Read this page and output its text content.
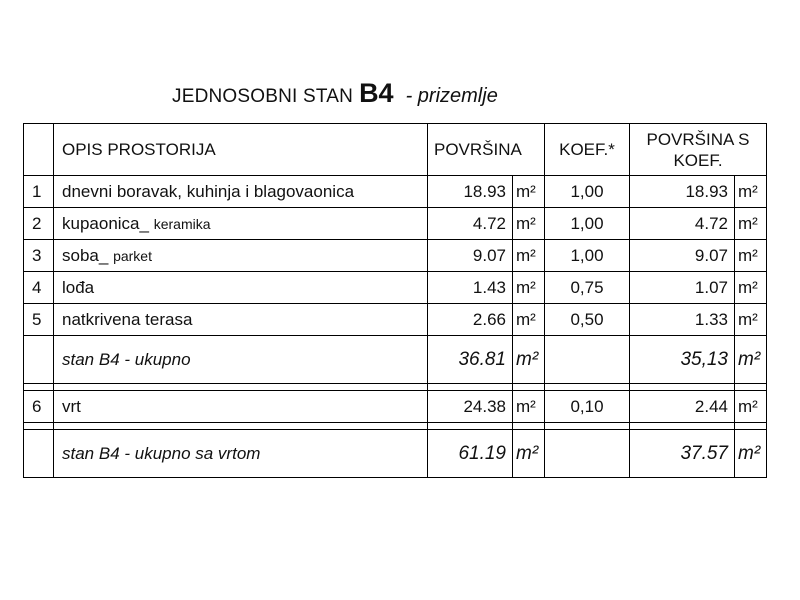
JEDNOSOBNI STAN B4 - prizemlje
	OPIS PROSTORIJA	POVRŠINA		KOEF.*	POVRŠINA S
KOEF.	

1	dnevni boravak, kuhinja i blagovaonica	18.93	m²	1,00	18.93	m²
2	kupaonica_ keramika	4.72	m²	1,00	4.72	m²
3	soba_ parket	9.07	m²	1,00	9.07	m²
4	lođa	1.43	m²	0,75	1.07	m²
5	natkrivena terasa	2.66	m²	0,50	1.33	m²
	stan B4 - ukupno	36.81	m²		35,13	m²

6	vrt	24.38	m²	0,10	2.44	m²

	stan B4 - ukupno sa vrtom	61.19	m²		37.57	m²
